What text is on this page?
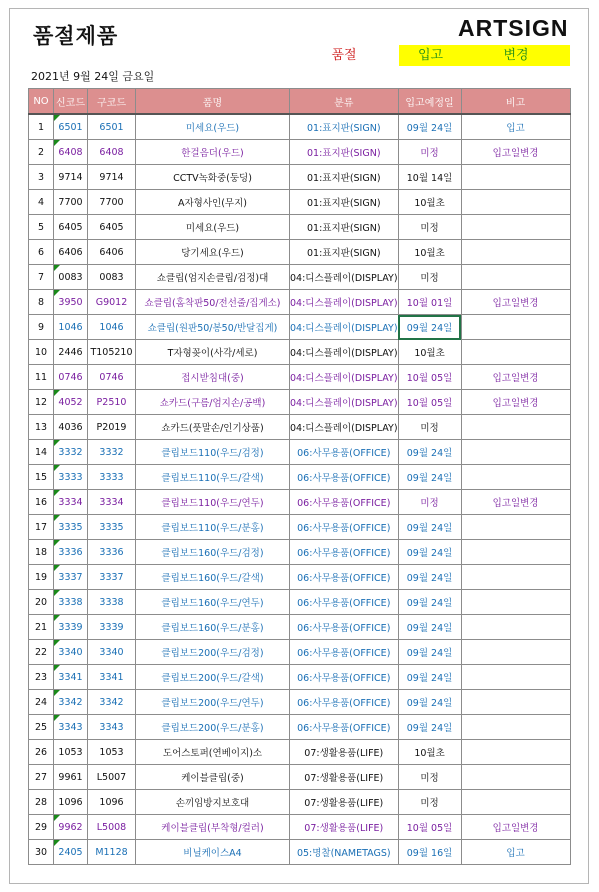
품절제품	ARTSIGN
품절	입고	변경
2021년 9월 24일 금요일
NO	신코드	구코드	품명	분류	입고예정일	비고
1	6501	6501	미세요(우드)	01:표지판(SIGN)	09월 24일	입고
2	6408	6408	한걸음더(우드)	01:표지판(SIGN)	미정	입고일변경
3	9714	9714	CCTV녹화중(둥딩)	01:표지판(SIGN)	10월 14일	
4	7700	7700	A자형사인(무지)	01:표지판(SIGN)	10월초	
5	6405	6405	미세요(우드)	01:표지판(SIGN)	미정	
6	6406	6406	당기세요(우드)	01:표지판(SIGN)	10월초	
7	0083	0083	쇼클립(엄지손클립/검정)대	04:디스플레이(DISPLAY)	미정	
8	3950	G9012	쇼클립(홈착판50/전선줄/집게소)	04:디스플레이(DISPLAY)	10월 01일	입고일변경
9	1046	1046	쇼클립(원판50/봉50/반달집게)	04:디스플레이(DISPLAY)	09월 24일

10	2446	T105210	T자형꽂이(사각/세로)	04:디스플레이(DISPLAY)	10월초	
11	0746	0746	접시받침대(중)	04:디스플레이(DISPLAY)	10월 05일	입고일변경
12	4052	P2510	쇼카드(구름/엄지손/공백)	04:디스플레이(DISPLAY)	10월 05일	입고일변경
13	4036	P2019	쇼카드(풋말손/인기상품)	04:디스플레이(DISPLAY)	미정	
14	3332	3332	클립보드110(우드/검정)	06:사무용품(OFFICE)	09월 24일	
15	3333	3333	클립보드110(우드/갈색)	06:사무용품(OFFICE)	09월 24일	
16	3334	3334	클립보드110(우드/연두)	06:사무용품(OFFICE)	미정	입고일변경
17	3335	3335	클립보드110(우드/분홍)	06:사무용품(OFFICE)	09월 24일	
18	3336	3336	클립보드160(우드/검정)	06:사무용품(OFFICE)	09월 24일	
19	3337	3337	클립보드160(우드/갈색)	06:사무용품(OFFICE)	09월 24일	
20	3338	3338	클립보드160(우드/연두)	06:사무용품(OFFICE)	09월 24일	
21	3339	3339	클립보드160(우드/분홍)	06:사무용품(OFFICE)	09월 24일	
22	3340	3340	클립보드200(우드/검정)	06:사무용품(OFFICE)	09월 24일	
23	3341	3341	클립보드200(우드/갈색)	06:사무용품(OFFICE)	09월 24일	
24	3342	3342	클립보드200(우드/연두)	06:사무용품(OFFICE)	09월 24일	
25	3343	3343	클립보드200(우드/분홍)	06:사무용품(OFFICE)	09월 24일	
26	1053	1053	도어스토퍼(연베이지)소	07:생활용품(LIFE)	10월초	
27	9961	L5007	케이블클립(중)	07:생활용품(LIFE)	미정	
28	1096	1096	손끼임방지보호대	07:생활용품(LIFE)	미정	
29	9962	L5008	케이블클립(부착형/컬러)	07:생활용품(LIFE)	10월 05일	입고일변경
30	2405	M1128	비닐케이스A4	05:명찰(NAMETAGS)	09월 16일	입고
